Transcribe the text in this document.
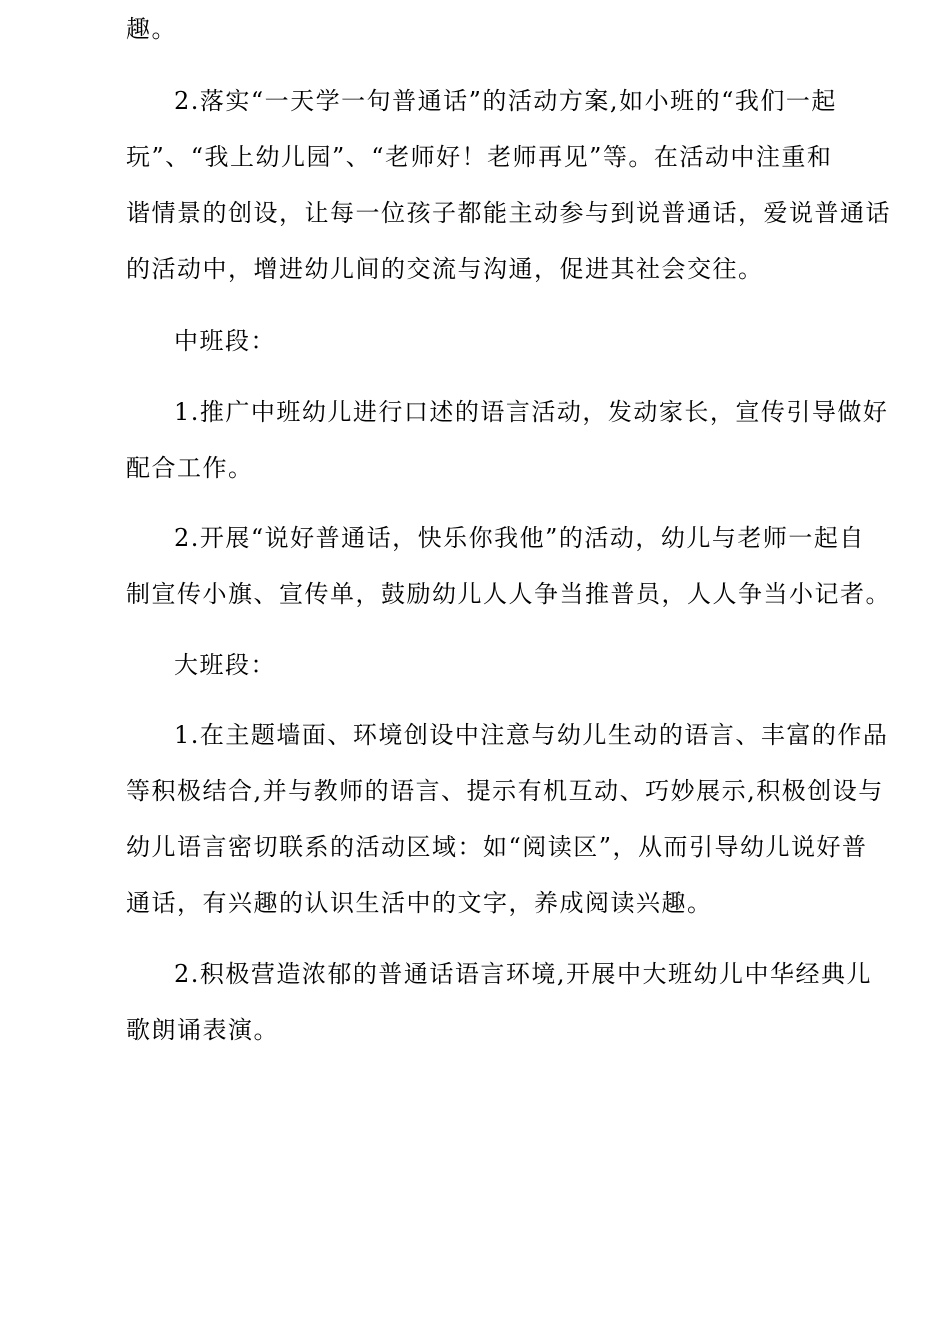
趣。
2.落实“一天学一句普通话”的活动方案,如小班的“我们一起
玩”、“我上幼儿园”、“老师好！老师再见”等。在活动中注重和
谐情景的创设，让每一位孩子都能主动参与到说普通话，爱说普通话
的活动中，增进幼儿间的交流与沟通，促进其社会交往。
中班段：
1.推广中班幼儿进行口述的语言活动，发动家长，宣传引导做好
配合工作。
2.开展“说好普通话，快乐你我他”的活动，幼儿与老师一起自
制宣传小旗、宣传单，鼓励幼儿人人争当推普员，人人争当小记者。
大班段：
1.在主题墙面、环境创设中注意与幼儿生动的语言、丰富的作品
等积极结合,并与教师的语言、提示有机互动、巧妙展示,积极创设与
幼儿语言密切联系的活动区域：如“阅读区”，从而引导幼儿说好普
通话，有兴趣的认识生活中的文字，养成阅读兴趣。
2.积极营造浓郁的普通话语言环境,开展中大班幼儿中华经典儿
歌朗诵表演。
